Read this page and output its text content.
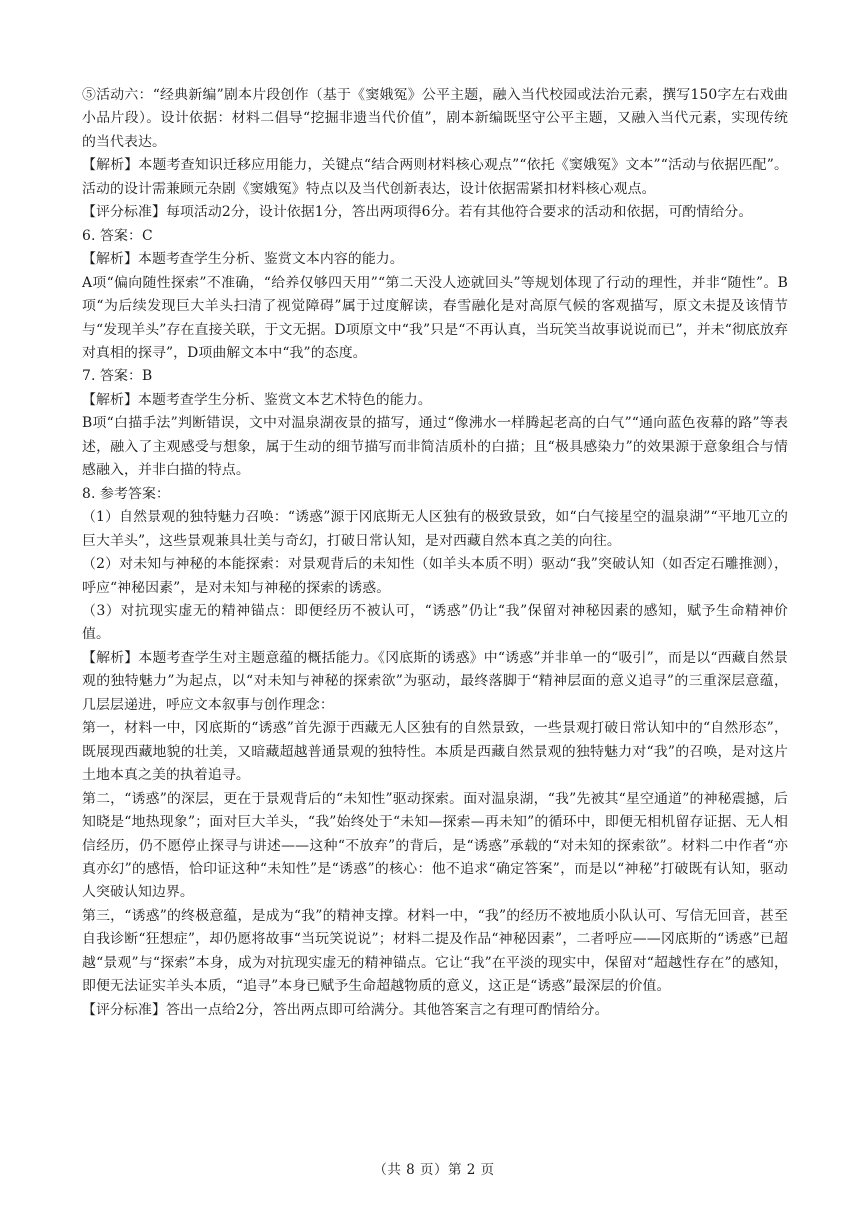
⑤活动六：“经典新编”剧本片段创作（基于《窦娥冤》公平主题，融入当代校园或法治元素，撰写150字左右戏曲小品片段）。设计依据：材料二倡导“挖掘非遗当代价值”，剧本新编既坚守公平主题，又融入当代元素，实现传统的当代表达。

【解析】本题考查知识迁移应用能力，关键点“结合两则材料核心观点”“依托《窦娥冤》文本”“活动与依据匹配”。活动的设计需兼顾元杂剧《窦娥冤》特点以及当代创新表达，设计依据需紧扣材料核心观点。

【评分标准】每项活动2分，设计依据1分，答出两项得6分。若有其他符合要求的活动和依据，可酌情给分。

6. 答案：C

【解析】本题考查学生分析、鉴赏文本内容的能力。

A项“偏向随性探索”不准确，“给养仅够四天用”“第二天没人迹就回头”等规划体现了行动的理性，并非“随性”。B项“为后续发现巨大羊头扫清了视觉障碍”属于过度解读，春雪融化是对高原气候的客观描写，原文未提及该情节与“发现羊头”存在直接关联，于文无据。D项原文中“我”只是“不再认真，当玩笑当故事说说而已”，并未“彻底放弃对真相的探寻”，D项曲解文本中“我”的态度。

7. 答案：B

【解析】本题考查学生分析、鉴赏文本艺术特色的能力。

B项“白描手法”判断错误，文中对温泉湖夜景的描写，通过“像沸水一样腾起老高的白气”“通向蓝色夜幕的路”等表述，融入了主观感受与想象，属于生动的细节描写而非简洁质朴的白描；且“极具感染力”的效果源于意象组合与情感融入，并非白描的特点。

8. 参考答案：

（1）自然景观的独特魅力召唤：“诱惑”源于冈底斯无人区独有的极致景致，如“白气接星空的温泉湖”“平地兀立的巨大羊头”，这些景观兼具壮美与奇幻，打破日常认知，是对西藏自然本真之美的向往。

（2）对未知与神秘的本能探索：对景观背后的未知性（如羊头本质不明）驱动“我”突破认知（如否定石雕推测），呼应“神秘因素”，是对未知与神秘的探索的诱惑。

（3）对抗现实虚无的精神锚点：即便经历不被认可，“诱惑”仍让“我”保留对神秘因素的感知，赋予生命精神价值。

【解析】本题考查学生对主题意蕴的概括能力。《冈底斯的诱惑》中“诱惑”并非单一的“吸引”，而是以“西藏自然景观的独特魅力”为起点，以“对未知与神秘的探索欲”为驱动，最终落脚于“精神层面的意义追寻”的三重深层意蕴，几层层递进，呼应文本叙事与创作理念：

第一，材料一中，冈底斯的“诱惑”首先源于西藏无人区独有的自然景致，一些景观打破日常认知中的“自然形态”，既展现西藏地貌的壮美，又暗藏超越普通景观的独特性。本质是西藏自然景观的独特魅力对“我”的召唤，是对这片土地本真之美的执着追寻。

第二，“诱惑”的深层，更在于景观背后的“未知性”驱动探索。面对温泉湖，“我”先被其“星空通道”的神秘震撼，后知晓是“地热现象”；面对巨大羊头，“我”始终处于“未知—探索—再未知”的循环中，即便无相机留存证据、无人相信经历，仍不愿停止探寻与讲述——这种“不放弃”的背后，是“诱惑”承载的“对未知的探索欲”。材料二中作者“亦真亦幻”的感悟，恰印证这种“未知性”是“诱惑”的核心：他不追求“确定答案”，而是以“神秘”打破既有认知，驱动人突破认知边界。

第三，“诱惑”的终极意蕴，是成为“我”的精神支撑。材料一中，“我”的经历不被地质小队认可、写信无回音，甚至自我诊断“狂想症”，却仍愿将故事“当玩笑说说”；材料二提及作品“神秘因素”，二者呼应——冈底斯的“诱惑”已超越“景观”与“探索”本身，成为对抗现实虚无的精神锚点。它让“我”在平淡的现实中，保留对“超越性存在”的感知，即便无法证实羊头本质，“追寻”本身已赋予生命超越物质的意义，这正是“诱惑”最深层的价值。

【评分标准】答出一点给2分，答出两点即可给满分。其他答案言之有理可酌情给分。

（共 8 页）第 2 页
